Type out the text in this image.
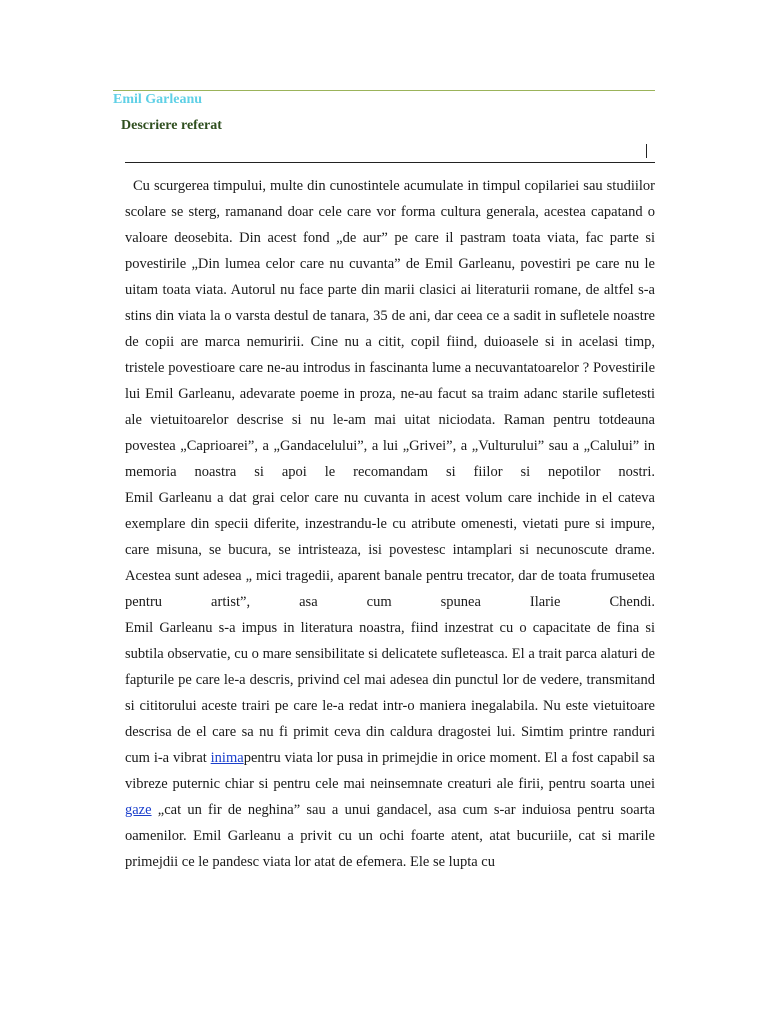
Emil Garleanu
Descriere referat

Cu scurgerea timpului, multe din cunostintele acumulate in timpul copilariei sau studiilor scolare se sterg, ramanand doar cele care vor forma cultura generala, acestea capatand o valoare deosebita. Din acest fond „de aur” pe care il pastram toata viata, fac parte si povestirile „Din lumea celor care nu cuvanta” de Emil Garleanu, povestiri pe care nu le uitam toata viata. Autorul nu face parte din marii clasici ai literaturii romane, de altfel s-a stins din viata la o varsta destul de tanara, 35 de ani, dar ceea ce a sadit in sufletele noastre de copii are marca nemuririi. Cine nu a citit, copil fiind, duioasele si in acelasi timp, tristele povestioare care ne-au introdus in fascinanta lume a necuvantatoarelor ? Povestirile lui Emil Garleanu, adevarate poeme in proza, ne-au facut sa traim adanc starile sufletesti ale vietuitoarelor descrise si nu le-am mai uitat niciodata. Raman pentru totdeauna povestea „Caprioarei”, a „Gandacelului”, a lui „Grivei”, a „Vulturului” sau a „Calului” in memoria noastra si apoi le recomandam si fiilor si nepotilor nostri.

Emil Garleanu a dat grai celor care nu cuvanta in acest volum care inchide in el cateva exemplare din specii diferite, inzestrandu-le cu atribute omenesti, vietati pure si impure, care misuna, se bucura, se intristeaza, isi povestesc intamplari si necunoscute drame. Acestea sunt adesea „ mici tragedii, aparent banale pentru trecator, dar de toata frumusetea pentru artist”, asa cum spunea Ilarie Chendi.

Emil Garleanu s-a impus in literatura noastra, fiind inzestrat cu o capacitate de fina si subtila observatie, cu o mare sensibilitate si delicatete sufleteasca. El a trait parca alaturi de fapturile pe care le-a descris, privind cel mai adesea din punctul lor de vedere, transmitand si cititorului aceste trairi pe care le-a redat intr-o maniera inegalabila. Nu este vietuitoare descrisa de el care sa nu fi primit ceva din caldura dragostei lui. Simtim printre randuri cum i-a vibrat inimapentru viata lor pusa in primejdie in orice moment. El a fost capabil sa vibreze puternic chiar si pentru cele mai neinsemnate creaturi ale firii, pentru soarta unei gaze „cat un fir de neghina” sau a unui gandacel, asa cum s-ar induiosa pentru soarta oamenilor. Emil Garleanu a privit cu un ochi foarte atent, atat bucuriile, cat si marile primejdii ce le pandesc viata lor atat de efemera. Ele se lupta cu
